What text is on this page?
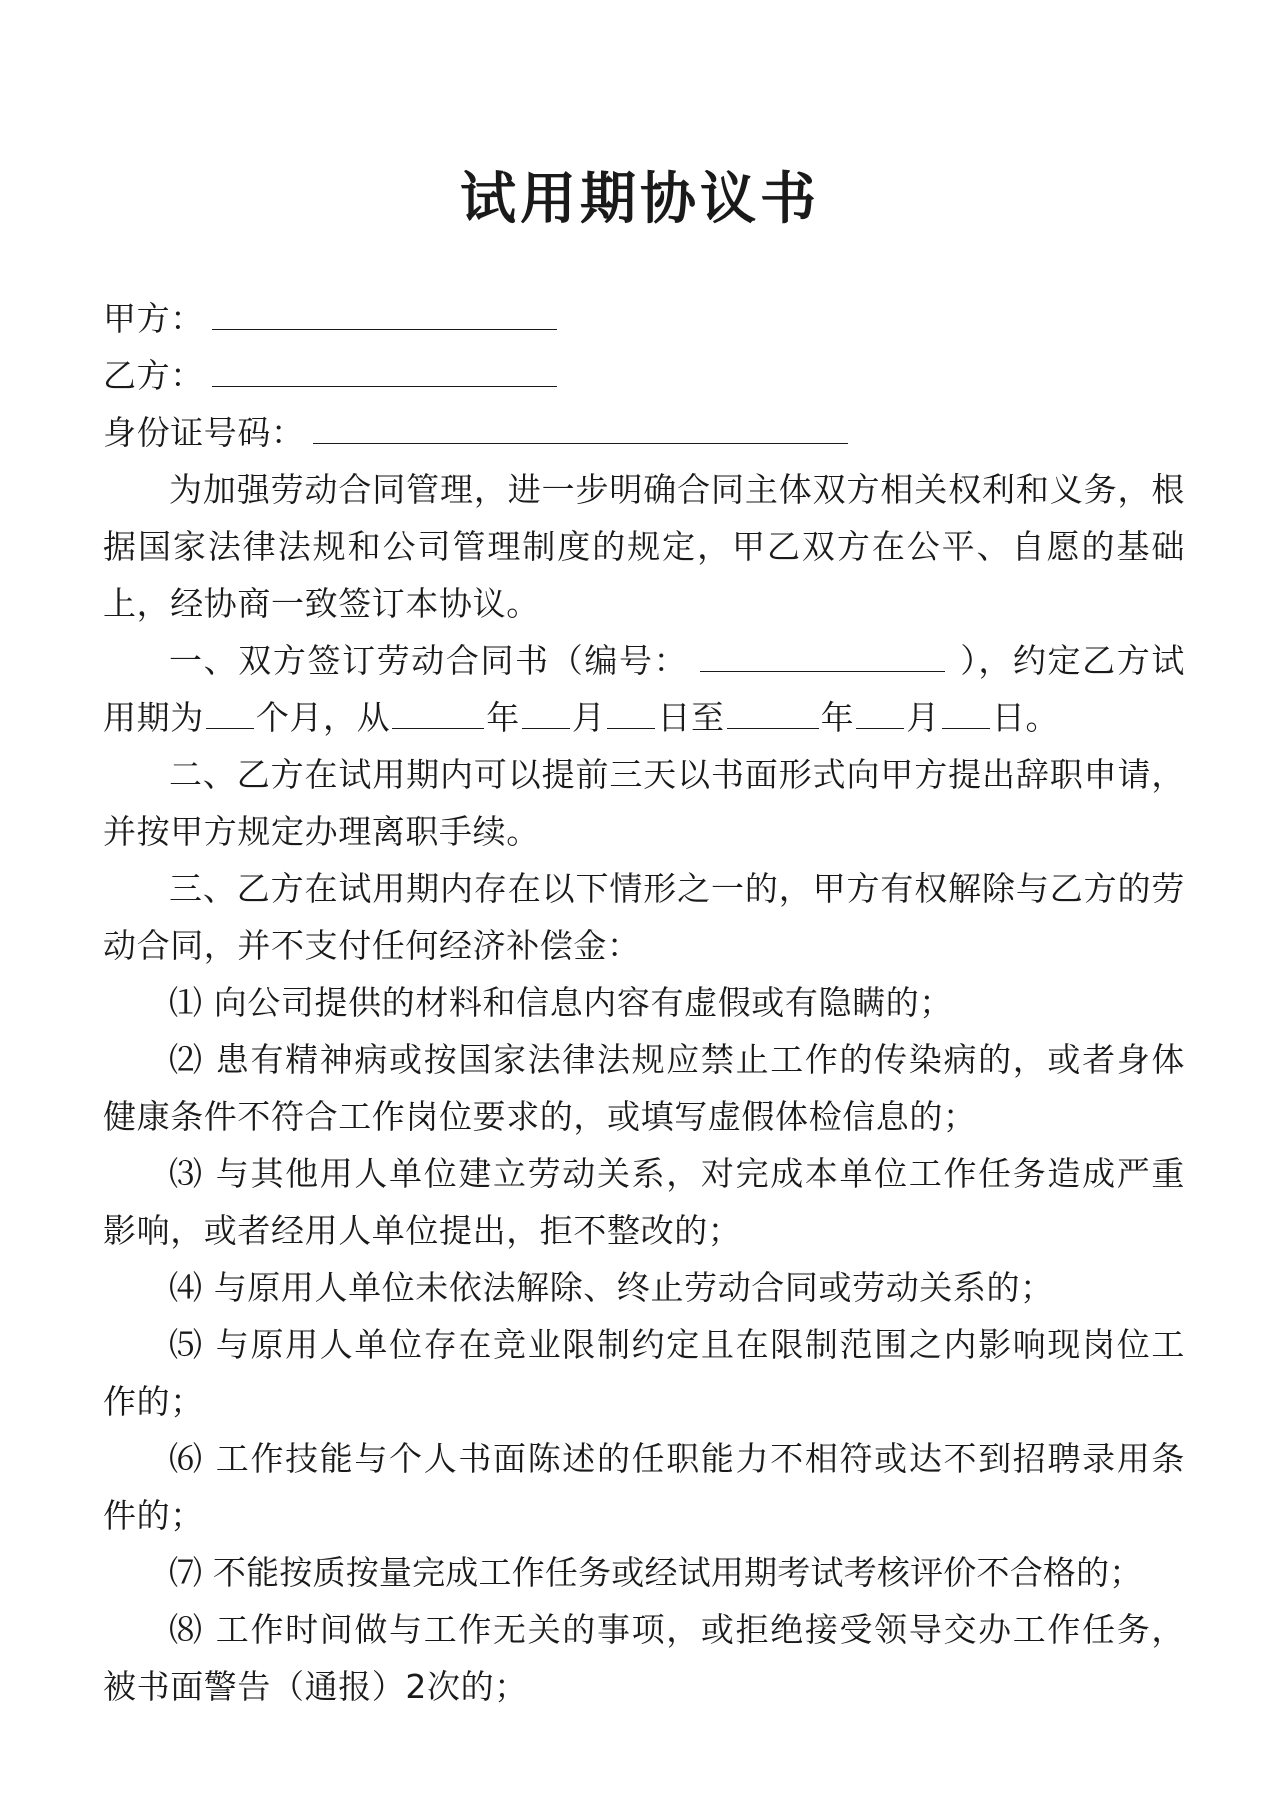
试用期协议书
甲方：
乙方：
身份证号码：

为加强劳动合同管理，进一步明确合同主体双方相关权利和义务，根据国家法律法规和公司管理制度的规定，甲乙双方在公平、自愿的基础上，经协商一致签订本协议。

一、双方签订劳动合同书（编号：	），约定乙方试用期为 个月，从	年 月 日至	年 月 日。

二、乙方在试用期内可以提前三天以书面形式向甲方提出辞职申请，并按甲方规定办理离职手续。

三、乙方在试用期内存在以下情形之一的，甲方有权解除与乙方的劳动合同，并不支付任何经济补偿金：

⑴ 向公司提供的材料和信息内容有虚假或有隐瞒的；

⑵ 患有精神病或按国家法律法规应禁止工作的传染病的，或者身体健康条件不符合工作岗位要求的，或填写虚假体检信息的；

⑶ 与其他用人单位建立劳动关系，对完成本单位工作任务造成严重影响，或者经用人单位提出，拒不整改的；

⑷ 与原用人单位未依法解除、终止劳动合同或劳动关系的；

⑸ 与原用人单位存在竞业限制约定且在限制范围之内影响现岗位工作的；

⑹ 工作技能与个人书面陈述的任职能力不相符或达不到招聘录用条件的；

⑺ 不能按质按量完成工作任务或经试用期考试考核评价不合格的；

⑻ 工作时间做与工作无关的事项，或拒绝接受领导交办工作任务，被书面警告（通报）2次的；
